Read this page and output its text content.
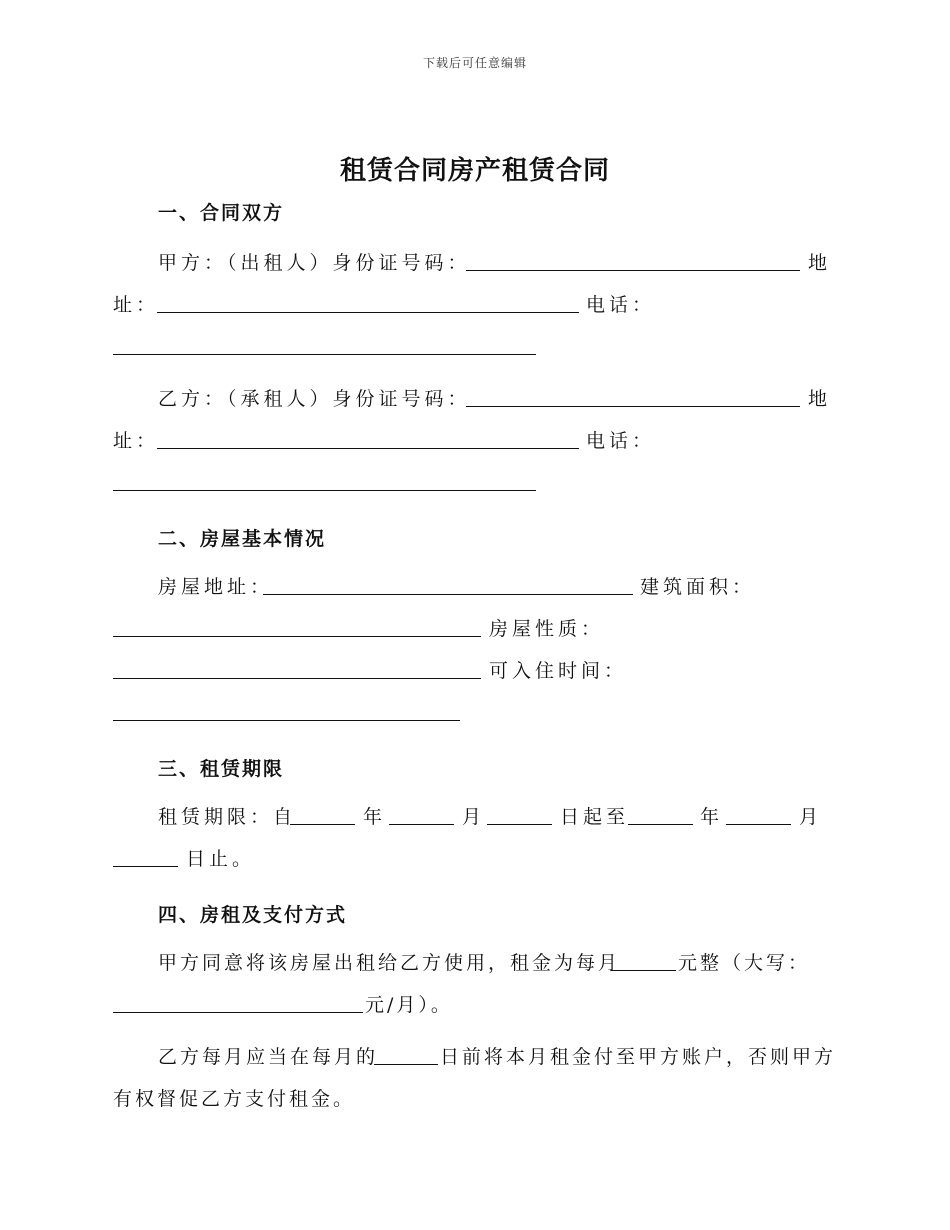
下载后可任意编辑
租赁合同房产租赁合同
一、合同双方
甲方：（出租人）身份证号码：	地
址：	电话：
乙方：（承租人）身份证号码：	地
址：	电话：
二、房屋基本情况
房屋地址：	建筑面积：
房屋性质：
可入住时间：
三、租赁期限
租赁期限：自	年	月	日起至	年	月
日止。
四、房租及支付方式
甲方同意将该房屋出租给乙方使用，租金为每月	元整（大写：
元/月）。
乙方每月应当在每月的	日前将本月租金付至甲方账户，否则甲方
有权督促乙方支付租金。
